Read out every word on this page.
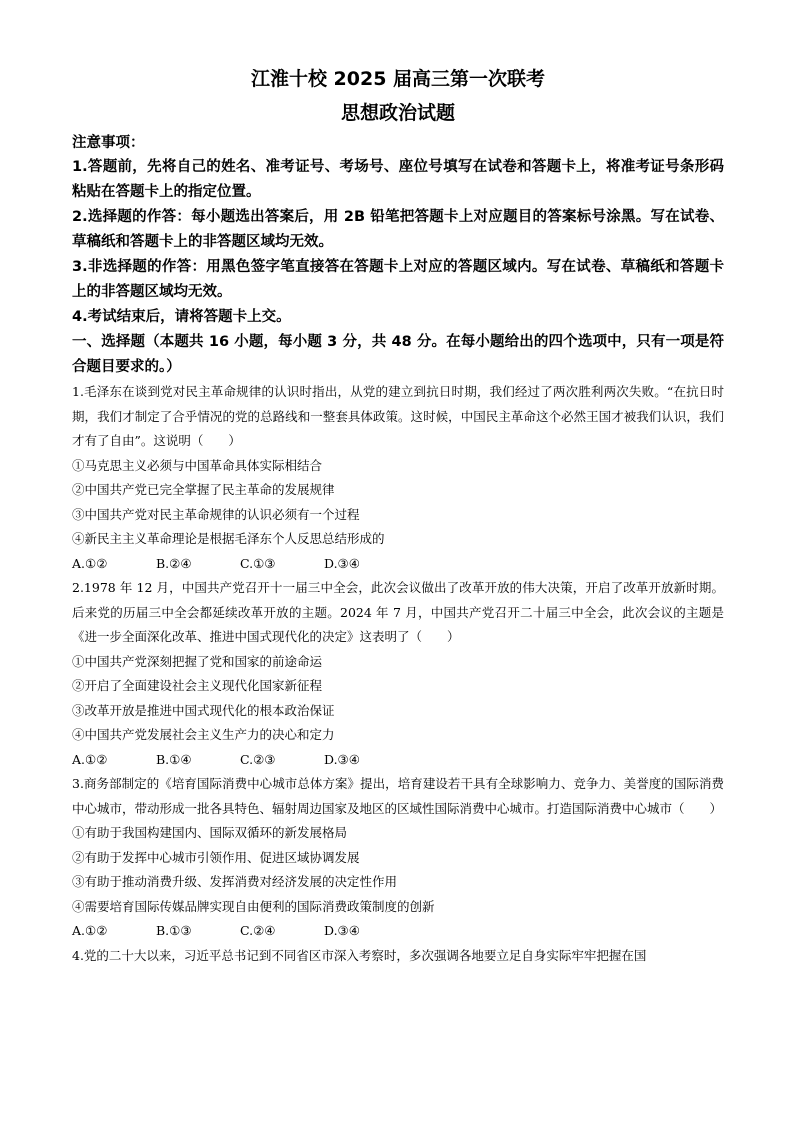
江淮十校 2025 届高三第一次联考
思想政治试题
注意事项：
1.答题前，先将自己的姓名、准考证号、考场号、座位号填写在试卷和答题卡上，将准考证号条形码粘贴在答题卡上的指定位置。
2.选择题的作答：每小题选出答案后，用 2B 铅笔把答题卡上对应题目的答案标号涂黑。写在试卷、草稿纸和答题卡上的非答题区域均无效。
3.非选择题的作答：用黑色签字笔直接答在答题卡上对应的答题区域内。写在试卷、草稿纸和答题卡上的非答题区域均无效。
4.考试结束后，请将答题卡上交。
一、选择题（本题共 16 小题，每小题 3 分，共 48 分。在每小题给出的四个选项中，只有一项是符合题目要求的。）
1.毛泽东在谈到党对民主革命规律的认识时指出，从党的建立到抗日时期，我们经过了两次胜利两次失败。“在抗日时期，我们才制定了合乎情况的党的总路线和一整套具体政策。这时候，中国民主革命这个必然王国才被我们认识，我们才有了自由”。这说明（　　）
①马克思主义必须与中国革命具体实际相结合
②中国共产党已完全掌握了民主革命的发展规律
③中国共产党对民主革命规律的认识必须有一个过程
④新民主主义革命理论是根据毛泽东个人反思总结形成的
A.①②	B.②④	C.①③	D.③④
2.1978 年 12 月，中国共产党召开十一届三中全会，此次会议做出了改革开放的伟大决策，开启了改革开放新时期。后来党的历届三中全会都延续改革开放的主题。2024 年 7 月，中国共产党召开二十届三中全会，此次会议的主题是《进一步全面深化改革、推进中国式现代化的决定》这表明了（　　）
①中国共产党深刻把握了党和国家的前途命运
②开启了全面建设社会主义现代化国家新征程
③改革开放是推进中国式现代化的根本政治保证
④中国共产党发展社会主义生产力的决心和定力
A.①②	B.①④	C.②③	D.③④
3.商务部制定的《培育国际消费中心城市总体方案》提出，培育建设若干具有全球影响力、竞争力、美誉度的国际消费中心城市，带动形成一批各具特色、辐射周边国家及地区的区域性国际消费中心城市。打造国际消费中心城市（　　）
①有助于我国构建国内、国际双循环的新发展格局
②有助于发挥中心城市引领作用、促进区域协调发展
③有助于推动消费升级、发挥消费对经济发展的决定性作用
④需要培育国际传媒品牌实现自由便利的国际消费政策制度的创新
A.①②	B.①③	C.②④	D.③④
4.党的二十大以来，习近平总书记到不同省区市深入考察时，多次强调各地要立足自身实际牢牢把握在国
